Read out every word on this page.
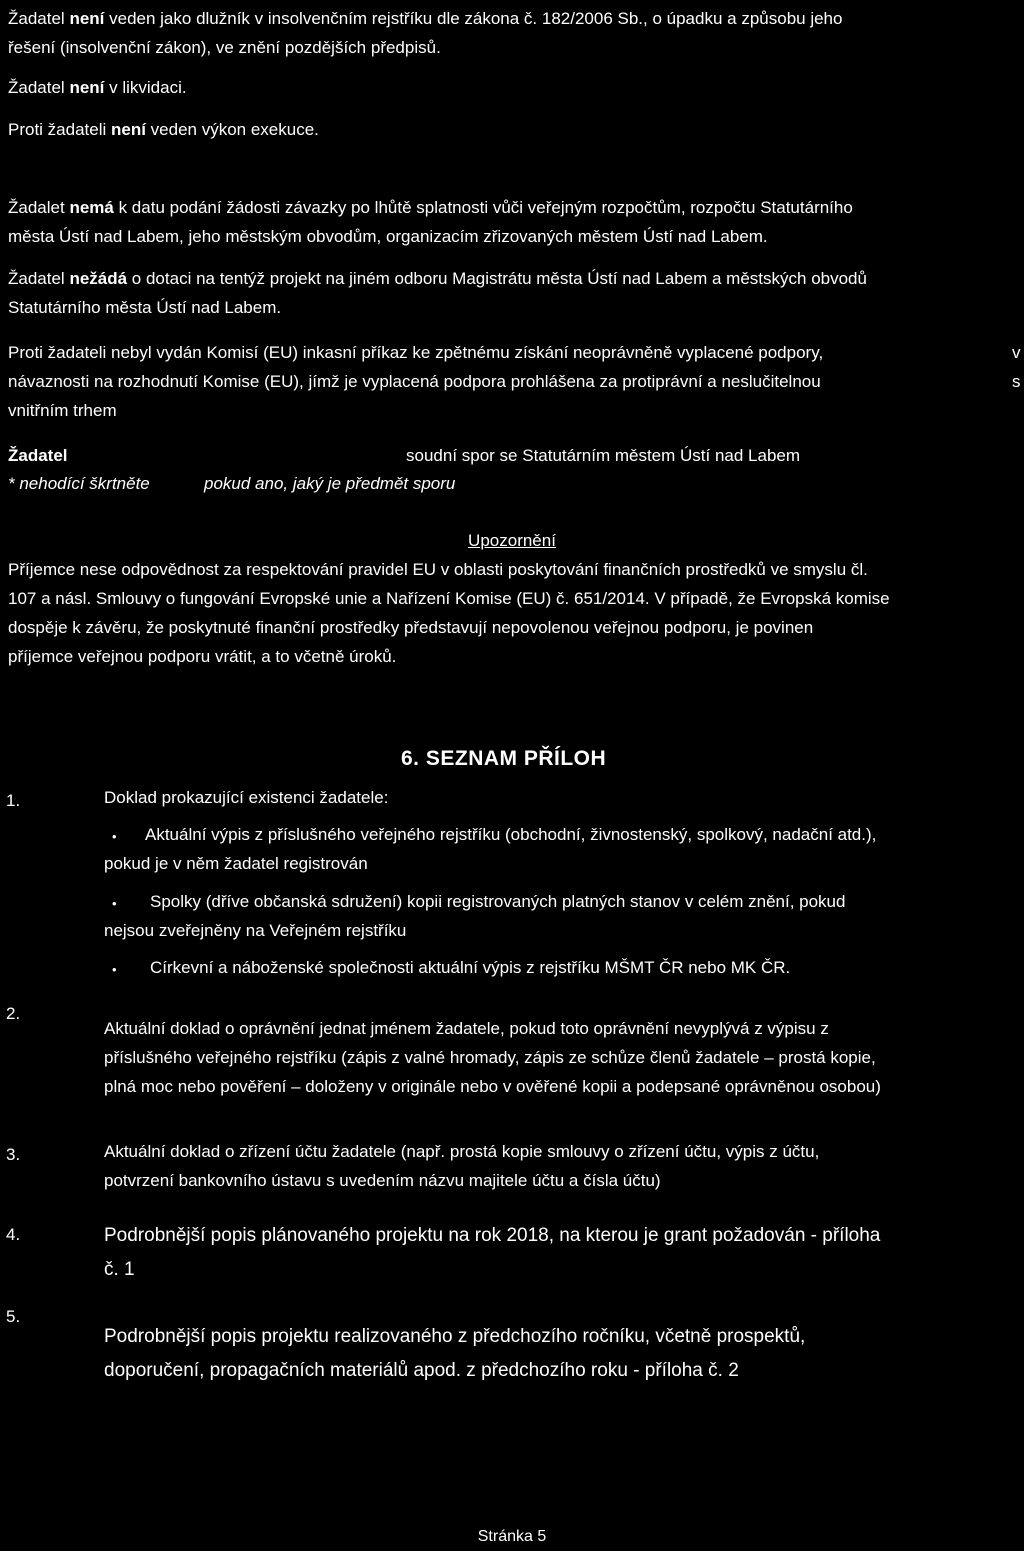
Žadatel není veden jako dlužník v insolvenčním rejstříku dle zákona č. 182/2006 Sb., o úpadku a způsobu jeho
řešení (insolvenční zákon), ve znění pozdějších předpisů.
Žadatel není v likvidaci.
Proti žadateli není veden výkon exekuce.
Žadalet nemá k datu podání žádosti závazky po lhůtě splatnosti vůči veřejným rozpočtům, rozpočtu Statutárního
města Ústí nad Labem, jeho městským obvodům, organizacím zřizovaných městem Ústí nad Labem.
Žadatel nežádá o dotaci na tentýž projekt na jiném odboru Magistrátu města Ústí nad Labem a městských obvodů
Statutárního města Ústí nad Labem.
Proti žadateli nebyl vydán Komisí (EU) inkasní příkaz ke zpětnému získání neoprávněně vyplacené podpory,	v
návaznosti na rozhodnutí Komise (EU), jímž je vyplacená podpora prohlášena za protiprávní a neslučitelnou	s
vnitřním trhem
Žadatel	soudní spor se Statutárním městem Ústí nad Labem
* nehodící škrtněte	pokud ano, jaký je předmět sporu
Upozornění
Příjemce nese odpovědnost za respektování pravidel EU v oblasti poskytování finančních prostředků ve smyslu čl.
107 a násl. Smlouvy o fungování Evropské unie a Nařízení Komise (EU) č. 651/2014. V případě, že Evropská komise
dospěje k závěru, že poskytnuté finanční prostředky představují nepovolenou veřejnou podporu, je povinen
příjemce veřejnou podporu vrátit, a to včetně úroků.
6. SEZNAM PŘÍLOH
1.	Doklad prokazující existenci žadatele:
•	Aktuální výpis z příslušného veřejného rejstříku (obchodní, živnostenský, spolkový, nadační atd.),
pokud je v něm žadatel registrován
•	Spolky (dříve občanská sdružení) kopii registrovaných platných stanov v celém znění, pokud
nejsou zveřejněny na Veřejném rejstříku
•	Církevní a náboženské společnosti aktuální výpis z rejstříku MŠMT ČR nebo MK ČR.
2.
Aktuální doklad o oprávnění jednat jménem žadatele, pokud toto oprávnění nevyplývá z výpisu z
příslušného veřejného rejstříku (zápis z valné hromady, zápis ze schůze členů žadatele – prostá kopie,
plná moc nebo pověření – doloženy v originále nebo v ověřené kopii a podepsané oprávněnou osobou)
3.	Aktuální doklad o zřízení účtu žadatele (např. prostá kopie smlouvy o zřízení účtu, výpis z účtu,
potvrzení bankovního ústavu s uvedením názvu majitele účtu a čísla účtu)
4.	Podrobnější popis plánovaného projektu na rok 2018, na kterou je grant požadován - příloha
č. 1
5.
Podrobnější popis projektu realizovaného z předchozího ročníku, včetně prospektů,
doporučení, propagačních materiálů apod. z předchozího roku - příloha č. 2
Stránka 5
